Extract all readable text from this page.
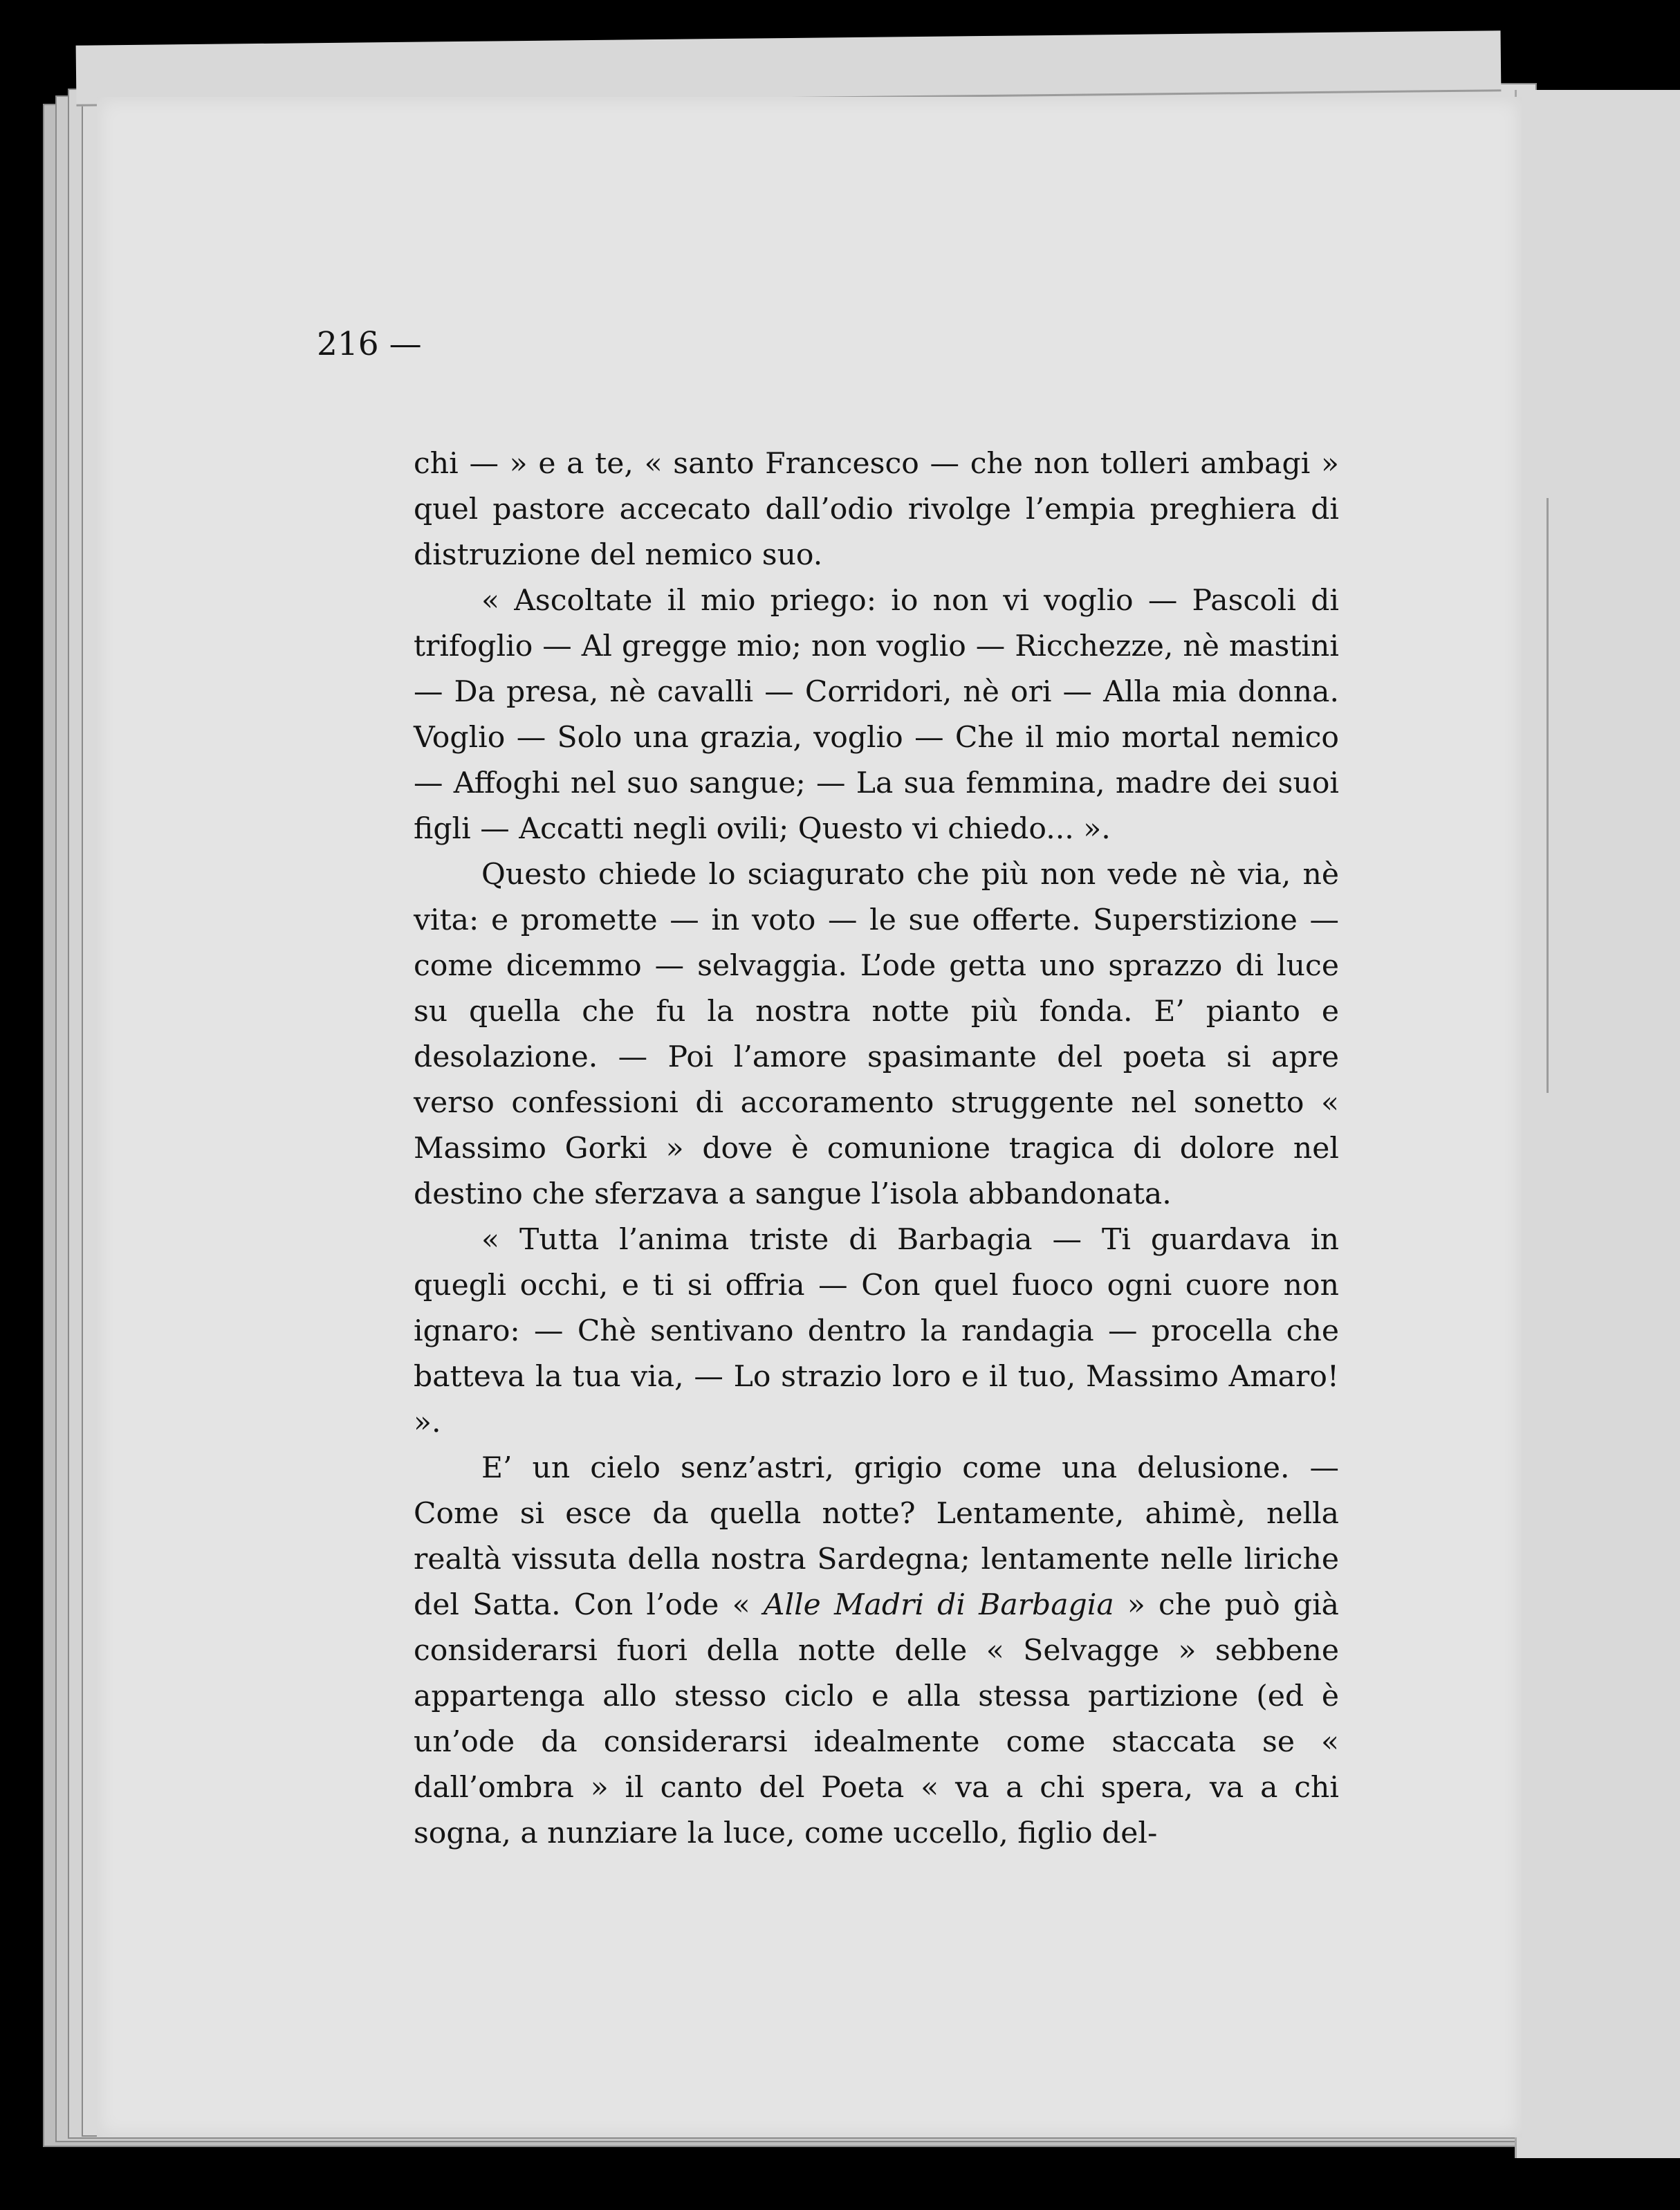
216 —

chi — » e a te, « santo Francesco — che non tolleri ambagi » quel pastore accecato dall’odio rivolge l’empia preghiera di distruzione del nemico suo.

« Ascoltate il mio priego: io non vi voglio — Pascoli di trifoglio — Al gregge mio; non voglio — Ricchezze, nè mastini — Da presa, nè cavalli — Corridori, nè ori — Alla mia donna. Voglio — Solo una grazia, voglio — Che il mio mortal nemico — Affoghi nel suo sangue; — La sua femmina, madre dei suoi figli — Accatti negli ovili; Questo vi chiedo... ».

Questo chiede lo sciagurato che più non vede nè via, nè vita: e promette — in voto — le sue offerte. Superstizione — come dicemmo — selvaggia. L’ode getta uno sprazzo di luce su quella che fu la nostra notte più fonda. E’ pianto e desolazione. — Poi l’amore spasimante del poeta si apre verso confessioni di accoramento struggente nel sonetto « Massimo Gorki » dove è comunione tragica di dolore nel destino che sferzava a sangue l’isola abbandonata.

« Tutta l’anima triste di Barbagia — Ti guardava in quegli occhi, e ti si offria — Con quel fuoco ogni cuore non ignaro: — Chè sentivano dentro la randagia — procella che batteva la tua via, — Lo strazio loro e il tuo, Massimo Amaro! ».

E’ un cielo senz’astri, grigio come una delusione. — Come si esce da quella notte? Lentamente, ahimè, nella realtà vissuta della nostra Sardegna; lentamente nelle liriche del Satta. Con l’ode « Alle Madri di Barbagia » che può già considerarsi fuori della notte delle « Selvagge » sebbene appartenga allo stesso ciclo e alla stessa partizione (ed è un’ode da considerarsi idealmente come staccata se « dall’ombra » il canto del Poeta « va a chi spera, va a chi sogna, a nunziare la luce, come uccello, figlio del-
